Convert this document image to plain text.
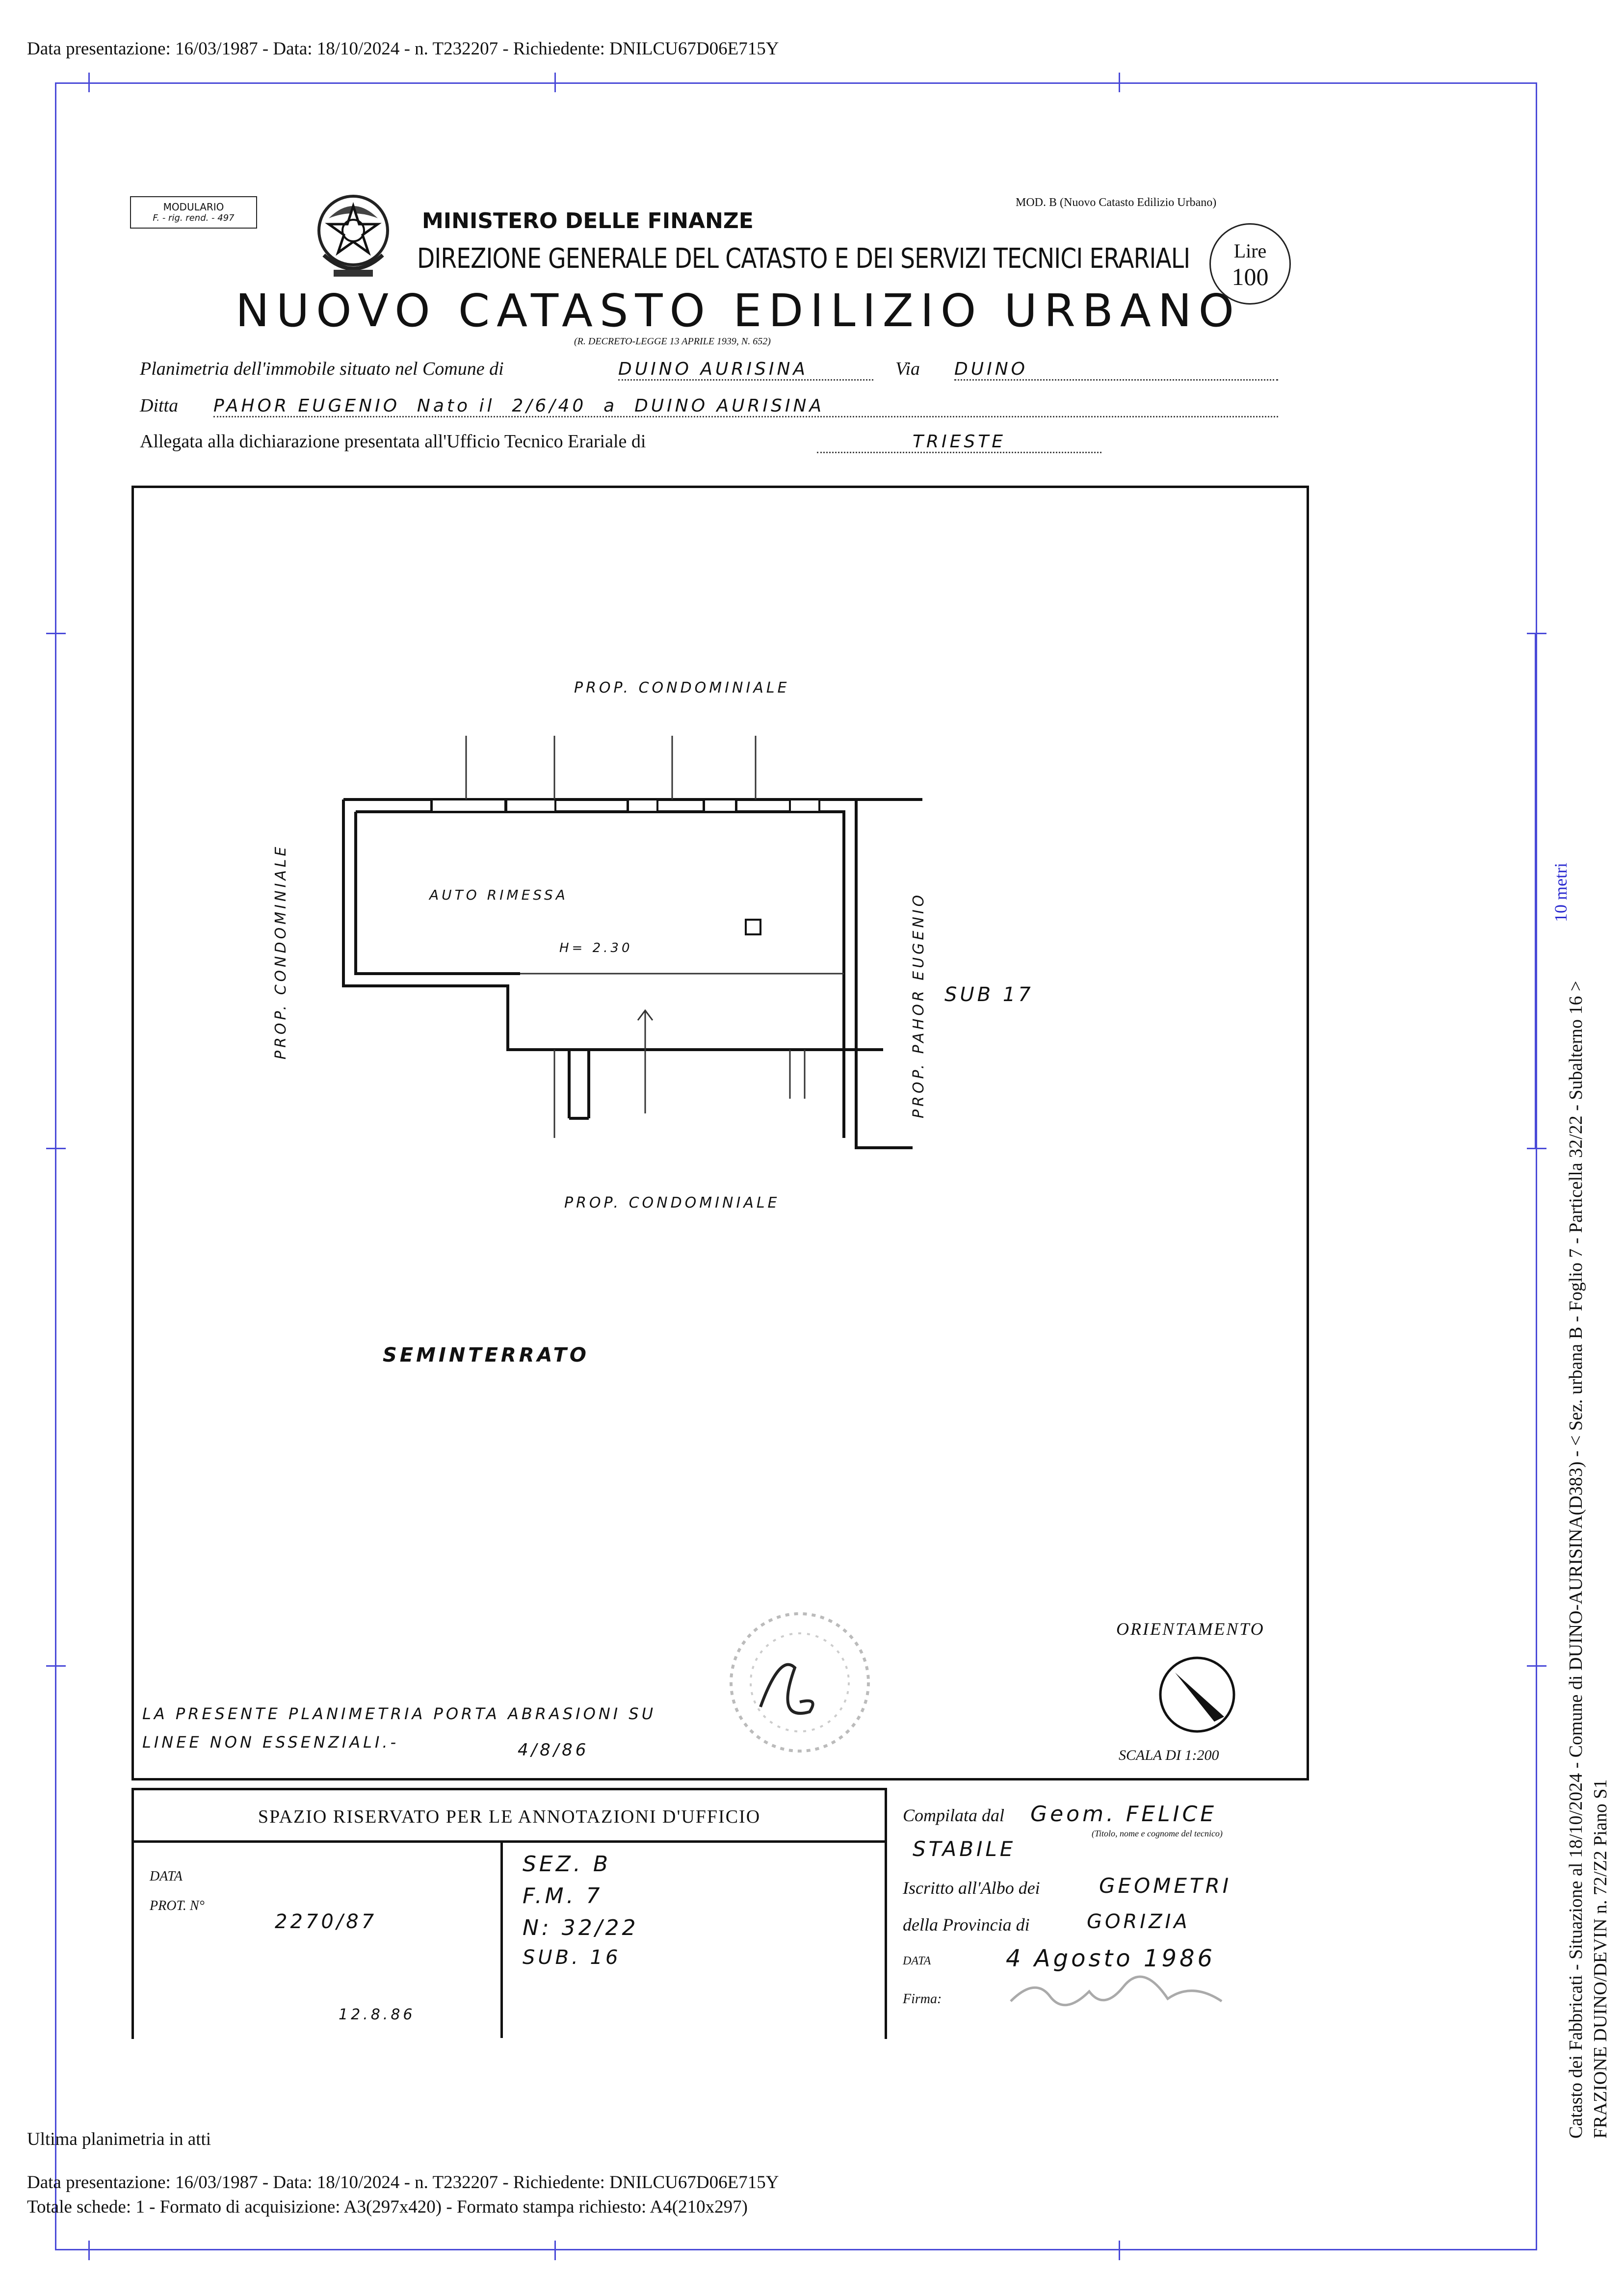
Data presentazione: 16/03/1987 - Data: 18/10/2024 - n. T232207 - Richiedente: DNILCU67D06E715Y
10 metri
Catasto dei Fabbricati - Situazione al 18/10/2024 - Comune di DUINO-AURISINA(D383) - < Sez. urbana B - Foglio 7 - Particella 32/22 - Subalterno 16 > FRAZIONE DUINO/DEVIN n. 72/Z2 Piano S1
MODULARIO
F. - rig. rend. - 497	MINISTERO DELLE FINANZE
DIREZIONE GENERALE DEL CATASTO E DEI SERVIZI TECNICI ERARIALI
NUOVO CATASTO EDILIZIO URBANO
(R. DECRETO-LEGGE 13 APRILE 1939, N. 652)
MOD. B (Nuovo Catasto Edilizio Urbano)
Lire
100
Planimetria dell'immobile situato nel Comune di	DUINO AURISINA	Via DUINO
Ditta PAHOR EUGENIO  Nato il  2/6/40  a  DUINO AURISINA
Allegata alla dichiarazione presentata all'Ufficio Tecnico Erariale di	TRIESTE
PROP. CONDOMINIALE
PROP. CONDOMINIALE
PROP. CONDOMINIALE	PROP. PAHOR EUGENIO
AUTO RIMESSA
H= 2.30
SUB 17
SEMINTERRATO
LA PRESENTE PLANIMETRIA PORTA ABRASIONI SU
LINEE NON ESSENZIALI.-	4/8/86
ORIENTAMENTO
SCALA DI 1:200
SPAZIO RISERVATO PER LE ANNOTAZIONI D'UFFICIO
DATA
PROT. N°
2270/87
12.8.86
SEZ. B
F.M. 7
N: 32/22
SUB. 16
Compilata dal Geom. FELICE
STABILE
(Titolo, nome e cognome del tecnico)
Iscritto all'Albo dei	GEOMETRI
della Provincia di	GORIZIA
DATA	4 Agosto 1986
Firma:
Ultima planimetria in atti
Data presentazione: 16/03/1987 - Data: 18/10/2024 - n. T232207 - Richiedente: DNILCU67D06E715Y
Totale schede: 1 - Formato di acquisizione: A3(297x420) - Formato stampa richiesto: A4(210x297)
